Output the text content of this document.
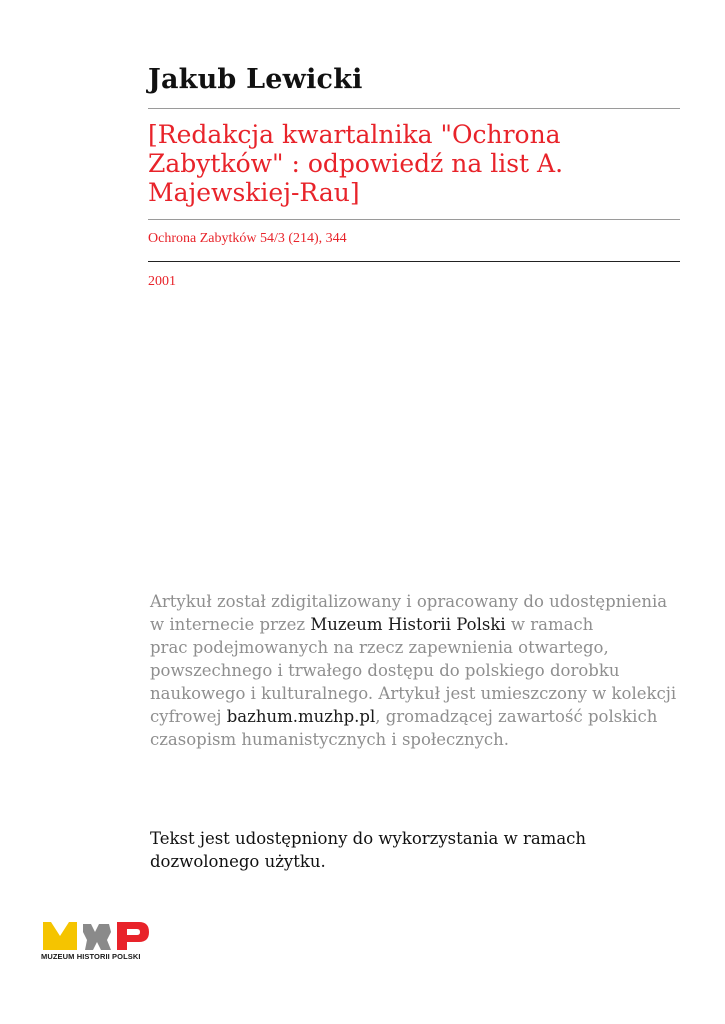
Jakub Lewicki
[Redakcja kwartalnika "Ochrona
Zabytków" : odpowiedź na list A.
Majewskiej-Rau]
Ochrona Zabytków 54/3 (214), 344
2001
Artykuł został zdigitalizowany i opracowany do udostępnienia
w internecie przez Muzeum Historii Polski w ramach
prac podejmowanych na rzecz zapewnienia otwartego,
powszechnego i trwałego dostępu do polskiego dorobku
naukowego i kulturalnego. Artykuł jest umieszczony w kolekcji
cyfrowej bazhum.muzhp.pl, gromadzącej zawartość polskich
czasopism humanistycznych i społecznych.
Tekst jest udostępniony do wykorzystania w ramach
dozwolonego użytku.
MUZEUM HISTORII POLSKI
